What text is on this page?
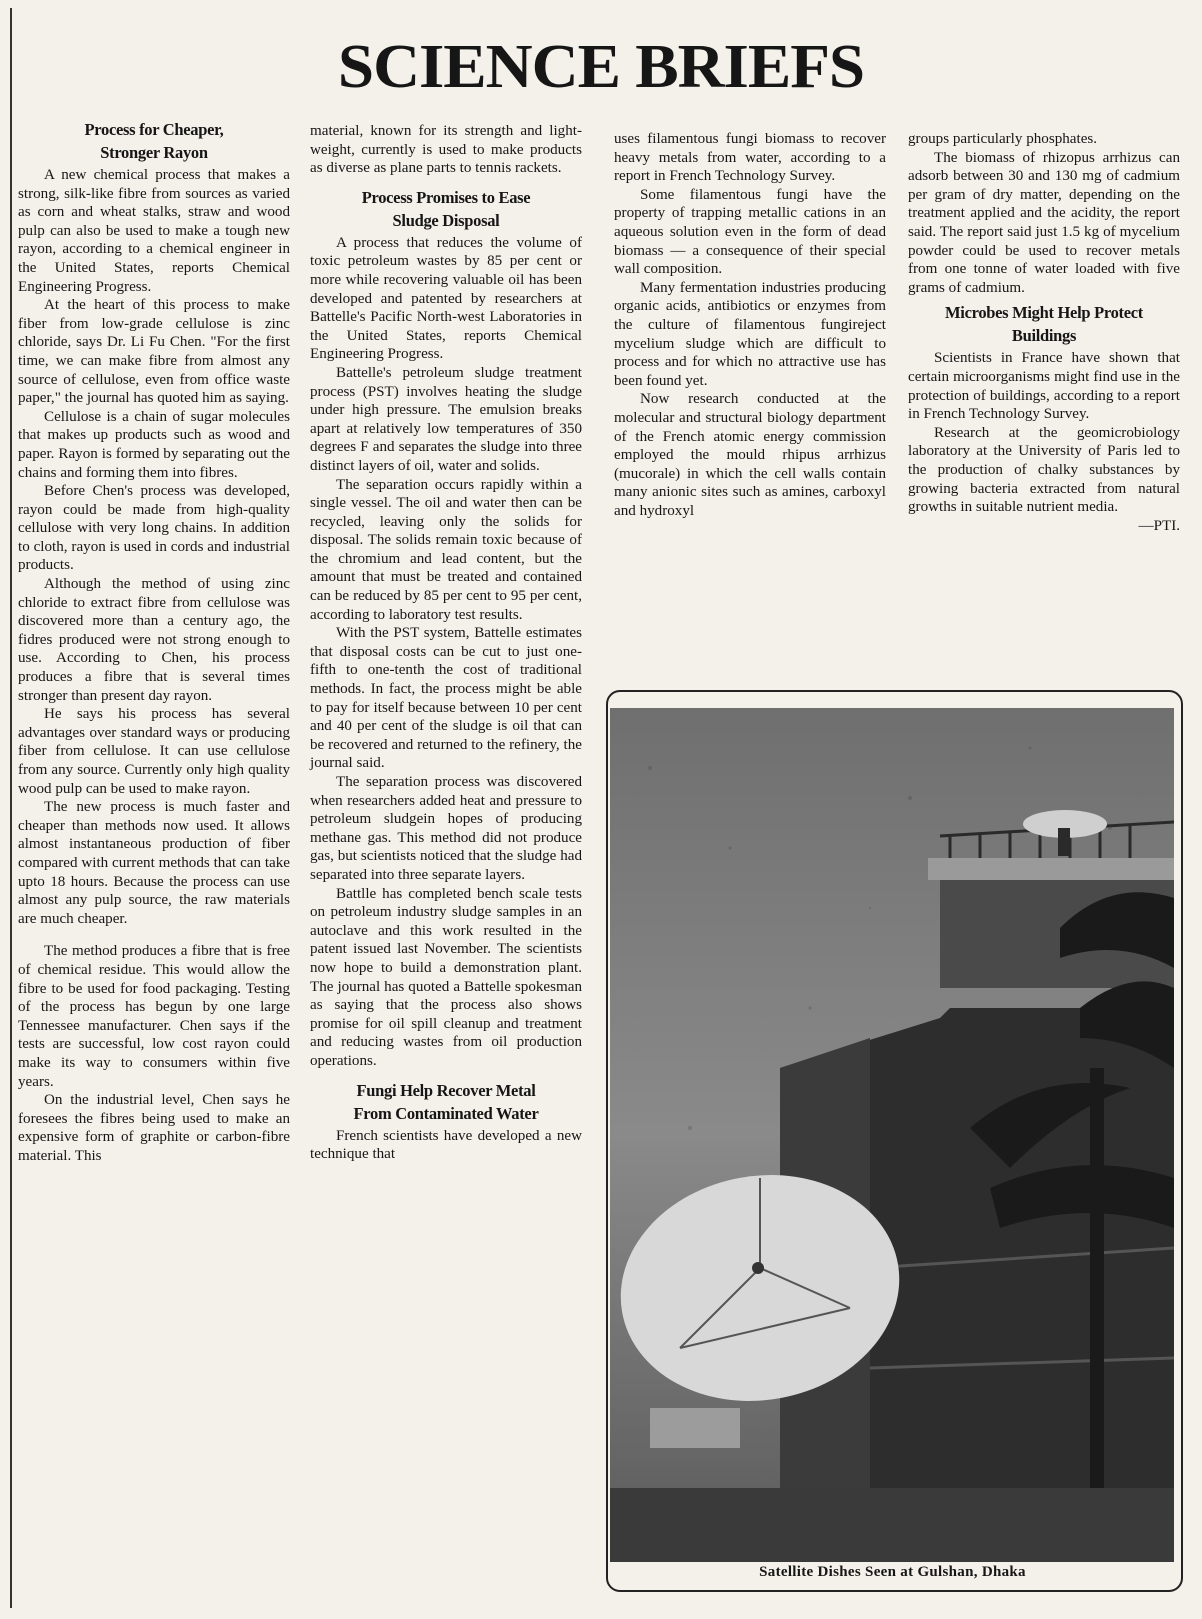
SCIENCE BRIEFS
Process for Cheaper,
Stronger Rayon

A new chemical process that makes a strong, silk-like fibre from sources as varied as corn and wheat stalks, straw and wood pulp can also be used to make a tough new rayon, according to a chemical engineer in the United States, reports Chemical Engineering Progress.

At the heart of this process to make fiber from low-grade cellulose is zinc chloride, says Dr. Li Fu Chen. "For the first time, we can make fibre from almost any source of cellulose, even from office waste paper," the journal has quoted him as saying.

Cellulose is a chain of sugar molecules that makes up products such as wood and paper. Rayon is formed by separating out the chains and forming them into fibres.

Before Chen's process was developed, rayon could be made from high-quality cellulose with very long chains. In addition to cloth, rayon is used in cords and industrial products.

Although the method of using zinc chloride to extract fibre from cellulose was discovered more than a century ago, the fidres produced were not strong enough to use. According to Chen, his process produces a fibre that is several times stronger than present day rayon.

He says his process has several advantages over standard ways or producing fiber from cellulose. It can use cellulose from any source. Currently only high quality wood pulp can be used to make rayon.

The new process is much faster and cheaper than methods now used. It allows almost instantaneous production of fiber compared with current methods that can take upto 18 hours. Because the process can use almost any pulp source, the raw materials are much cheaper.

The method produces a fibre that is free of chemical residue. This would allow the fibre to be used for food packaging. Testing of the process has begun by one large Tennessee manufacturer. Chen says if the tests are successful, low cost rayon could make its way to consumers within five years.

On the industrial level, Chen says he foresees the fibres being used to make an expensive form of graphite or carbon-fibre material. This

material, known for its strength and light-weight, currently is used to make products as diverse as plane parts to tennis rackets.

Process Promises to Ease
Sludge Disposal

A process that reduces the volume of toxic petroleum wastes by 85 per cent or more while recovering valuable oil has been developed and patented by researchers at Battelle's Pacific North-west Laboratories in the United States, reports Chemical Engineering Progress.

Battelle's petroleum sludge treatment process (PST) involves heating the sludge under high pressure. The emulsion breaks apart at relatively low temperatures of 350 degrees F and separates the sludge into three distinct layers of oil, water and solids.

The separation occurs rapidly within a single vessel. The oil and water then can be recycled, leaving only the solids for disposal. The solids remain toxic because of the chromium and lead content, but the amount that must be treated and contained can be reduced by 85 per cent to 95 per cent, according to laboratory test results.

With the PST system, Battelle estimates that disposal costs can be cut to just one-fifth to one-tenth the cost of traditional methods. In fact, the process might be able to pay for itself because between 10 per cent and 40 per cent of the sludge is oil that can be recovered and returned to the refinery, the journal said.

The separation process was discovered when researchers added heat and pressure to petroleum sludgein hopes of producing methane gas. This method did not produce gas, but scientists noticed that the sludge had separated into three separate layers.

Battlle has completed bench scale tests on petroleum industry sludge samples in an autoclave and this work resulted in the patent issued last November. The scientists now hope to build a demonstration plant. The journal has quoted a Battelle spokesman as saying that the process also shows promise for oil spill cleanup and treatment and reducing wastes from oil production operations.

Fungi Help Recover Metal
From Contaminated Water

French scientists have developed a new technique that

uses filamentous fungi biomass to recover heavy metals from water, according to a report in French Technology Survey.

Some filamentous fungi have the property of trapping metallic cations in an aqueous solution even in the form of dead biomass — a consequence of their special wall composition.

Many fermentation industries producing organic acids, antibiotics or enzymes from the culture of filamentous fungireject mycelium sludge which are difficult to process and for which no attractive use has been found yet.

Now research conducted at the molecular and structural biology department of the French atomic energy commission employed the mould rhipus arrhizus (mucorale) in which the cell walls contain many anionic sites such as amines, carboxyl and hydroxyl

groups particularly phosphates.

The biomass of rhizopus arrhizus can adsorb between 30 and 130 mg of cadmium per gram of dry matter, depending on the treatment applied and the acidity, the report said. The report said just 1.5 kg of mycelium powder could be used to recover metals from one tonne of water loaded with five grams of cadmium.

Microbes Might Help Protect
Buildings

Scientists in France have shown that certain microorganisms might find use in the protection of buildings, according to a report in French Technology Survey.

Research at the geomicrobiology laboratory at the University of Paris led to the production of chalky substances by growing bacteria extracted from natural growths in suitable nutrient media.

—PTI.
Satellite Dishes Seen at Gulshan, Dhaka
